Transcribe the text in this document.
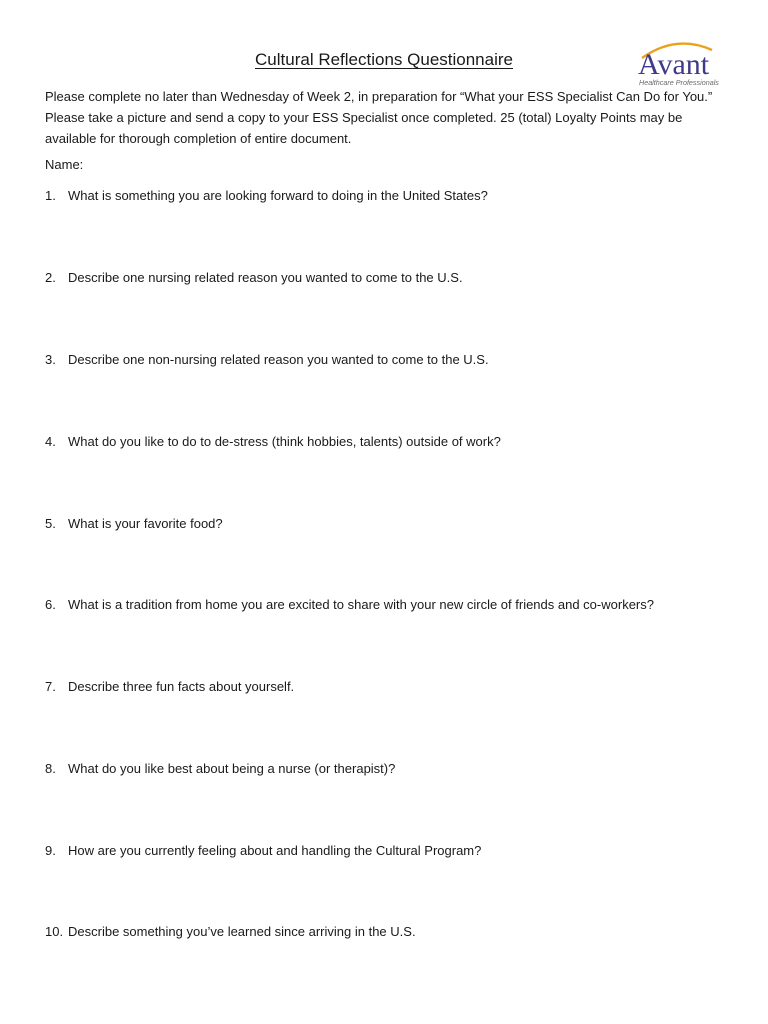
Cultural Reflections Questionnaire	Avant
Healthcare Professionals
Please complete no later than Wednesday of Week 2, in preparation for “What your ESS Specialist Can Do for You.” Please take a picture and send a copy to your ESS Specialist once completed. 25 (total) Loyalty Points may be available for thorough completion of entire document.
Name:
1. What is something you are looking forward to doing in the United States?
2. Describe one nursing related reason you wanted to come to the U.S.
3. Describe one non-nursing related reason you wanted to come to the U.S.
4. What do you like to do to de-stress (think hobbies, talents) outside of work?
5. What is your favorite food?
6. What is a tradition from home you are excited to share with your new circle of friends and co-workers?
7. Describe three fun facts about yourself.
8. What do you like best about being a nurse (or therapist)?
9. How are you currently feeling about and handling the Cultural Program?
10. Describe something you’ve learned since arriving in the U.S.
